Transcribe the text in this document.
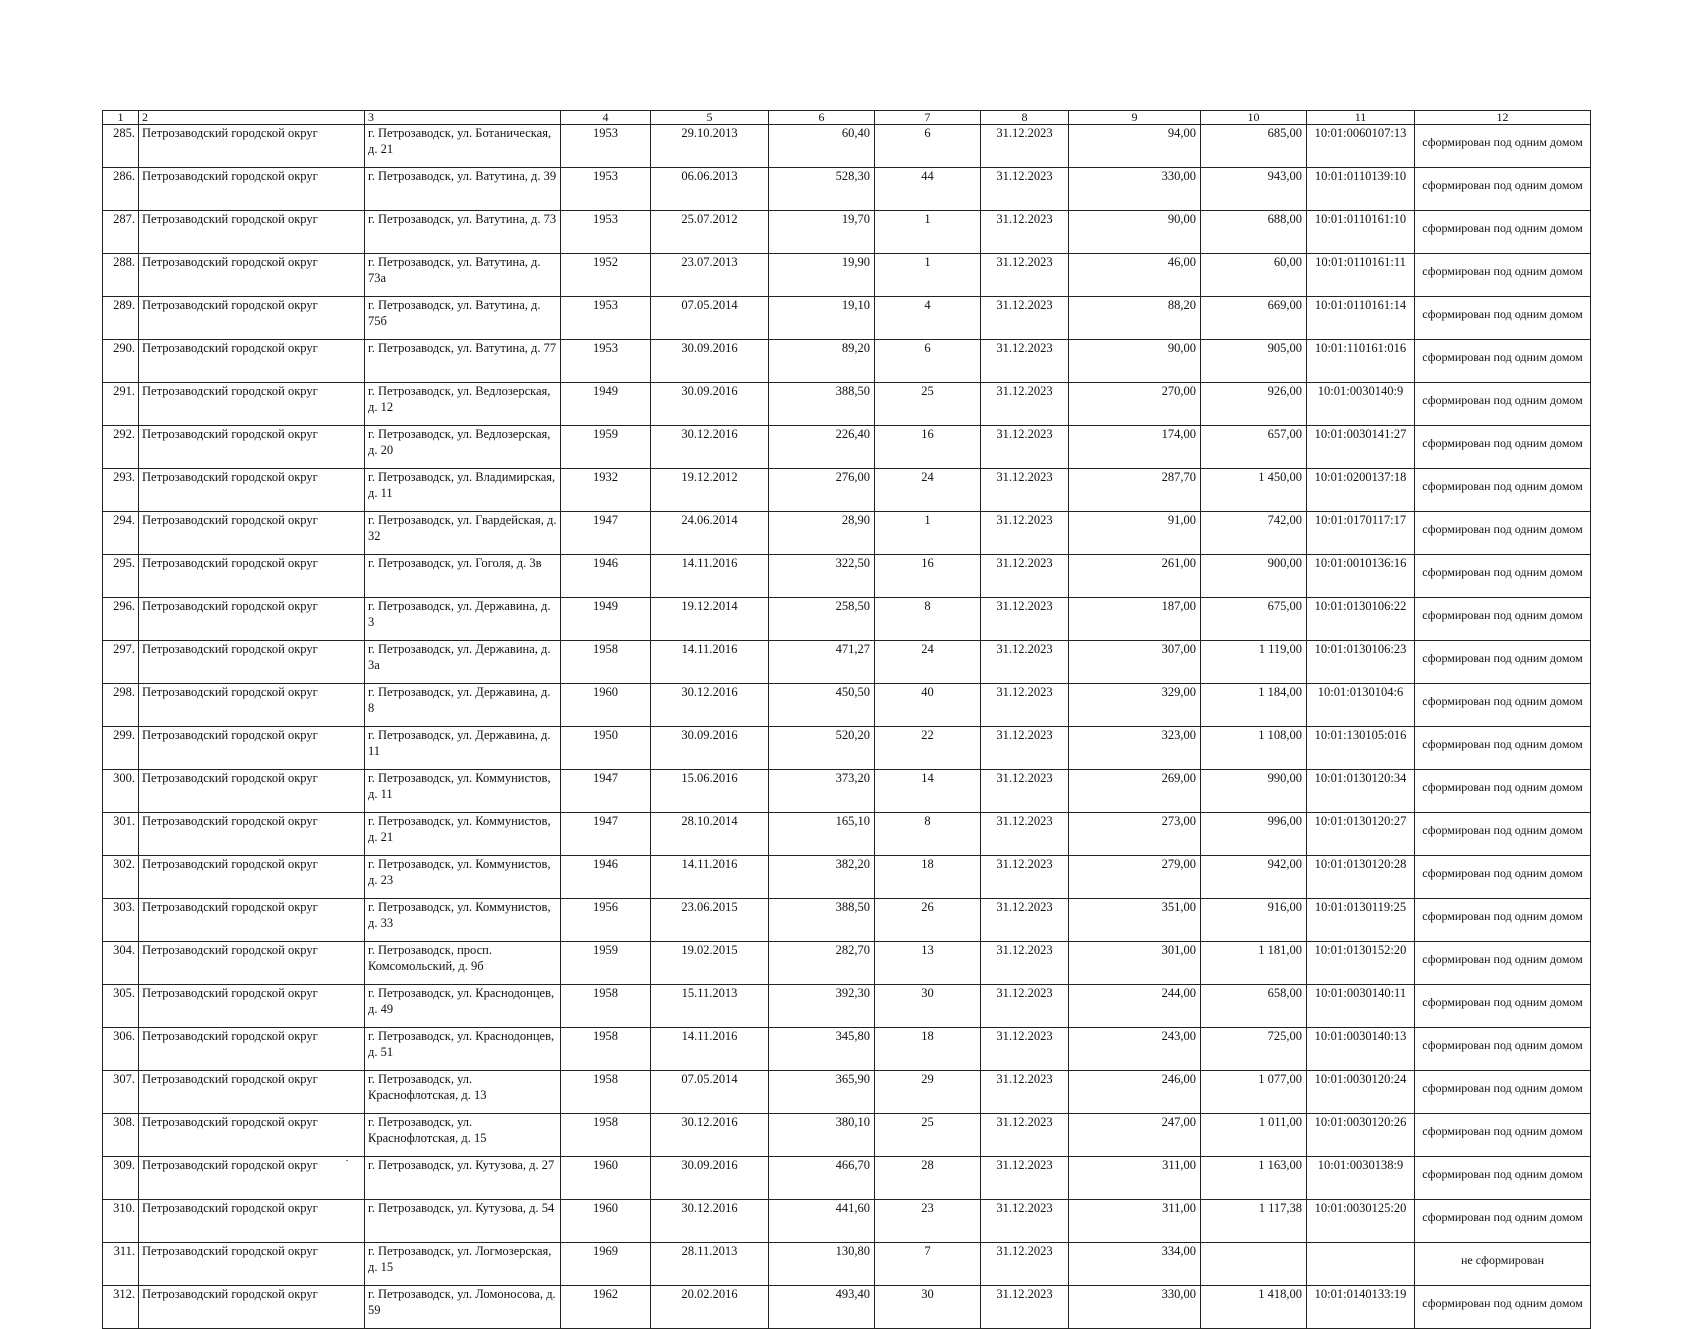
1	2	3	4	5	6	7	8	9	10	11	12
285.	Петрозаводский городской округ	г. Петрозаводск, ул. Ботаническая, д. 21	1953	29.10.2013	60,40	6	31.12.2023	94,00	685,00	10:01:0060107:13	сформирован под одним домом
286.	Петрозаводский городской округ	г. Петрозаводск, ул. Ватутина, д. 39	1953	06.06.2013	528,30	44	31.12.2023	330,00	943,00	10:01:0110139:10	сформирован под одним домом
287.	Петрозаводский городской округ	г. Петрозаводск, ул. Ватутина, д. 73	1953	25.07.2012	19,70	1	31.12.2023	90,00	688,00	10:01:0110161:10	сформирован под одним домом
288.	Петрозаводский городской округ	г. Петрозаводск, ул. Ватутина, д. 73а	1952	23.07.2013	19,90	1	31.12.2023	46,00	60,00	10:01:0110161:11	сформирован под одним домом
289.	Петрозаводский городской округ	г. Петрозаводск, ул. Ватутина, д. 75б	1953	07.05.2014	19,10	4	31.12.2023	88,20	669,00	10:01:0110161:14	сформирован под одним домом
290.	Петрозаводский городской округ	г. Петрозаводск, ул. Ватутина, д. 77	1953	30.09.2016	89,20	6	31.12.2023	90,00	905,00	10:01:110161:016	сформирован под одним домом
291.	Петрозаводский городской округ	г. Петрозаводск, ул. Ведлозерская, д. 12	1949	30.09.2016	388,50	25	31.12.2023	270,00	926,00	10:01:0030140:9	сформирован под одним домом
292.	Петрозаводский городской округ	г. Петрозаводск, ул. Ведлозерская, д. 20	1959	30.12.2016	226,40	16	31.12.2023	174,00	657,00	10:01:0030141:27	сформирован под одним домом
293.	Петрозаводский городской округ	г. Петрозаводск, ул. Владимирская, д. 11	1932	19.12.2012	276,00	24	31.12.2023	287,70	1 450,00	10:01:0200137:18	сформирован под одним домом
294.	Петрозаводский городской округ	г. Петрозаводск, ул. Гвардейская, д. 32	1947	24.06.2014	28,90	1	31.12.2023	91,00	742,00	10:01:0170117:17	сформирован под одним домом
295.	Петрозаводский городской округ	г. Петрозаводск, ул. Гоголя, д. 3в	1946	14.11.2016	322,50	16	31.12.2023	261,00	900,00	10:01:0010136:16	сформирован под одним домом
296.	Петрозаводский городской округ	г. Петрозаводск, ул. Державина, д. 3	1949	19.12.2014	258,50	8	31.12.2023	187,00	675,00	10:01:0130106:22	сформирован под одним домом
297.	Петрозаводский городской округ	г. Петрозаводск, ул. Державина, д. 3а	1958	14.11.2016	471,27	24	31.12.2023	307,00	1 119,00	10:01:0130106:23	сформирован под одним домом
298.	Петрозаводский городской округ	г. Петрозаводск, ул. Державина, д. 8	1960	30.12.2016	450,50	40	31.12.2023	329,00	1 184,00	10:01:0130104:6	сформирован под одним домом
299.	Петрозаводский городской округ	г. Петрозаводск, ул. Державина, д. 11	1950	30.09.2016	520,20	22	31.12.2023	323,00	1 108,00	10:01:130105:016	сформирован под одним домом
300.	Петрозаводский городской округ	г. Петрозаводск, ул. Коммунистов, д. 11	1947	15.06.2016	373,20	14	31.12.2023	269,00	990,00	10:01:0130120:34	сформирован под одним домом
301.	Петрозаводский городской округ	г. Петрозаводск, ул. Коммунистов, д. 21	1947	28.10.2014	165,10	8	31.12.2023	273,00	996,00	10:01:0130120:27	сформирован под одним домом
302.	Петрозаводский городской округ	г. Петрозаводск, ул. Коммунистов, д. 23	1946	14.11.2016	382,20	18	31.12.2023	279,00	942,00	10:01:0130120:28	сформирован под одним домом
303.	Петрозаводский городской округ	г. Петрозаводск, ул. Коммунистов, д. 33	1956	23.06.2015	388,50	26	31.12.2023	351,00	916,00	10:01:0130119:25	сформирован под одним домом
304.	Петрозаводский городской округ	г. Петрозаводск, просп. Комсомольский, д. 9б	1959	19.02.2015	282,70	13	31.12.2023	301,00	1 181,00	10:01:0130152:20	сформирован под одним домом
305.	Петрозаводский городской округ	г. Петрозаводск, ул. Краснодонцев, д. 49	1958	15.11.2013	392,30	30	31.12.2023	244,00	658,00	10:01:0030140:11	сформирован под одним домом
306.	Петрозаводский городской округ	г. Петрозаводск, ул. Краснодонцев, д. 51	1958	14.11.2016	345,80	18	31.12.2023	243,00	725,00	10:01:0030140:13	сформирован под одним домом
307.	Петрозаводский городской округ	г. Петрозаводск, ул. Краснофлотская, д. 13	1958	07.05.2014	365,90	29	31.12.2023	246,00	1 077,00	10:01:0030120:24	сформирован под одним домом
308.	Петрозаводский городской округ	г. Петрозаводск, ул. Краснофлотская, д. 15	1958	30.12.2016	380,10	25	31.12.2023	247,00	1 011,00	10:01:0030120:26	сформирован под одним домом
309.	Петрозаводский городской округ	г. Петрозаводск, ул. Кутузова, д. 27	1960	30.09.2016	466,70	28	31.12.2023	311,00	1 163,00	10:01:0030138:9	сформирован под одним домом
310.	Петрозаводский городской округ	г. Петрозаводск, ул. Кутузова, д. 54	1960	30.12.2016	441,60	23	31.12.2023	311,00	1 117,38	10:01:0030125:20	сформирован под одним домом
311.	Петрозаводский городской округ	г. Петрозаводск, ул. Логмозерская, д. 15	1969	28.11.2013	130,80	7	31.12.2023	334,00			не сформирован
312.	Петрозаводский городской округ	г. Петрозаводск, ул. Ломоносова, д. 59	1962	20.02.2016	493,40	30	31.12.2023	330,00	1 418,00	10:01:0140133:19	сформирован под одним домом
